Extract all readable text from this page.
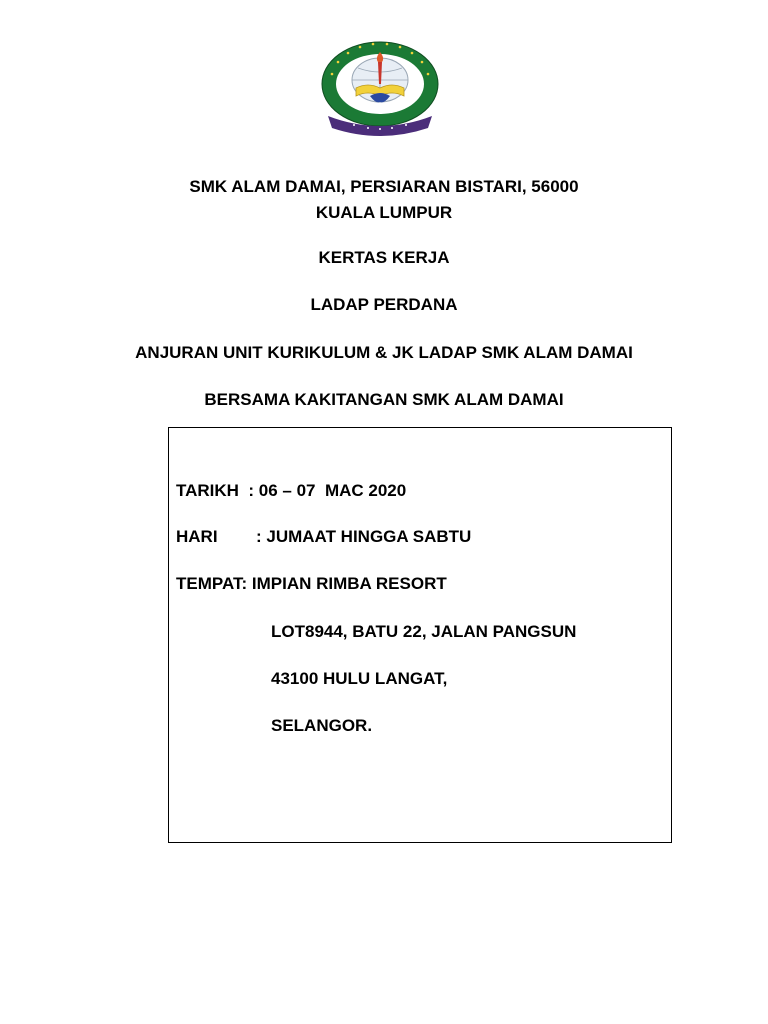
SMK ALAM DAMAI, PERSIARAN BISTARI, 56000
KUALA LUMPUR
KERTAS KERJA
LADAP PERDANA
ANJURAN UNIT KURIKULUM & JK LADAP SMK ALAM DAMAI
BERSAMA KAKITANGAN SMK ALAM DAMAI
TARIKH  : 06 – 07  MAC 2020
HARI : JUMAAT HINGGA SABTU
TEMPAT: IMPIAN RIMBA RESORT
LOT8944, BATU 22, JALAN PANGSUN
43100 HULU LANGAT,
SELANGOR.
